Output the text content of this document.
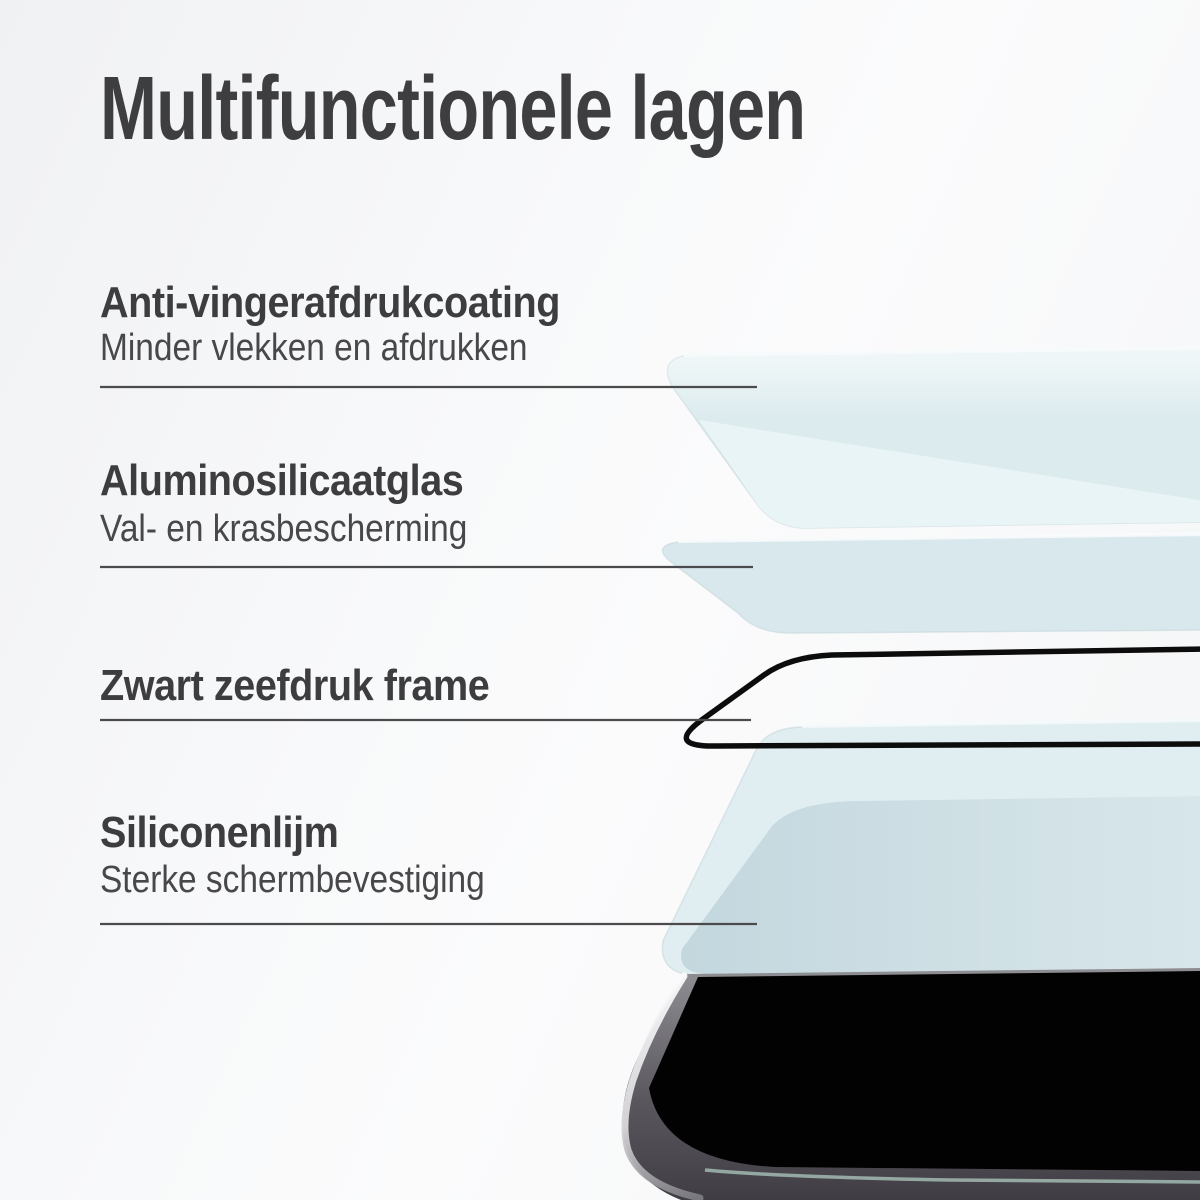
Multifunctionele lagen
Anti-vingerafdrukcoating
Minder vlekken en afdrukken
Aluminosilicaatglas
Val- en krasbescherming
Zwart zeefdruk frame
Siliconenlijm
Sterke schermbevestiging
